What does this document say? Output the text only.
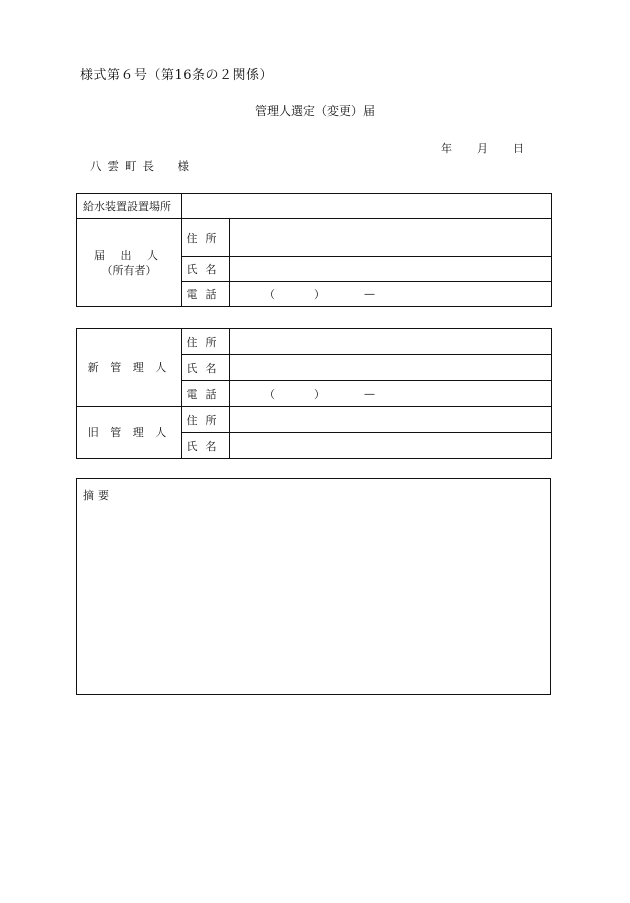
様式第６号（第16条の２関係）
管理人選定（変更）届
年 月 日
八雲町長　様
給水装置設置場所		

届 出 人
（所有者）	住所	
	氏名	
	電話	（ ） —
新 管 理 人	住所	
	氏名	
	電話	（ ） —

旧 管 理 人	住所	
	氏名	
摘要
